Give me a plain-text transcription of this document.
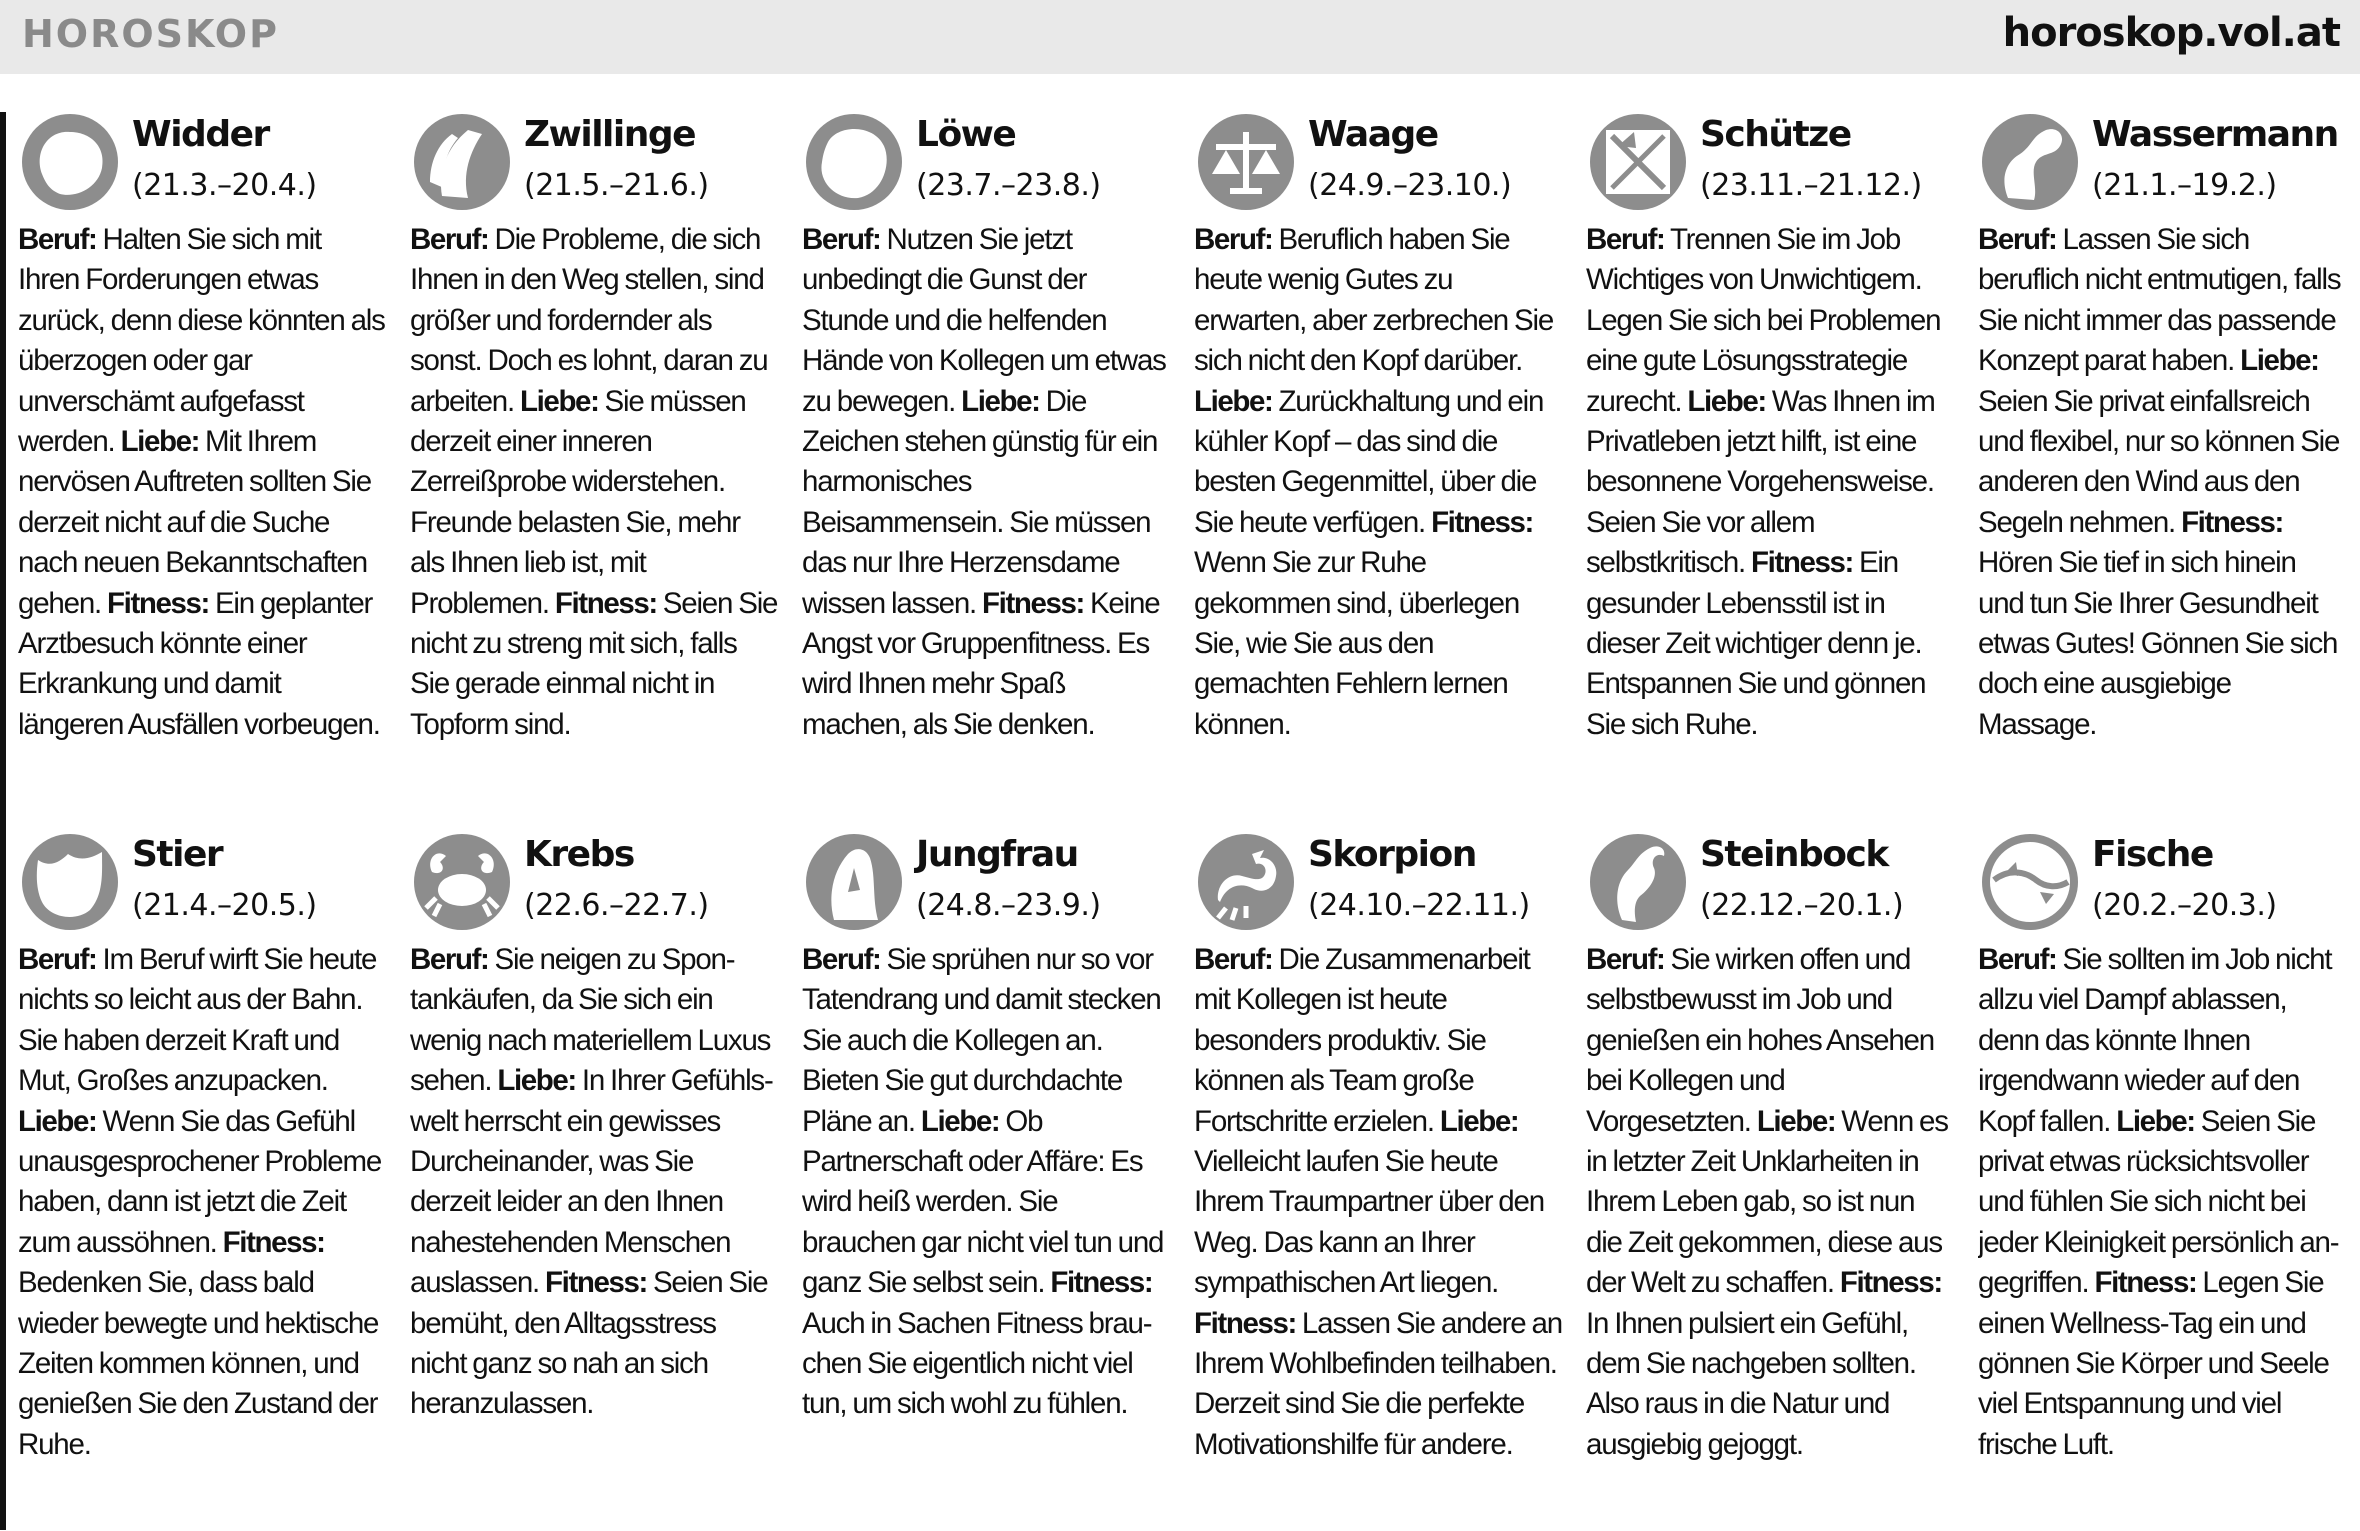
HOROSKOP	horoskop.vol.at
Widder
(21.3.–20.4.)

Beruf: Halten Sie sich mit Ihren Forderungen etwas zurück, denn diese könnten als überzogen oder gar unverschämt aufgefasst werden. Liebe: Mit Ihrem nervösen Auftreten sollten Sie derzeit nicht auf die Suche nach neuen Bekanntschaften gehen. Fitness: Ein geplanter Arztbesuch könnte einer Erkrankung und damit längeren Ausfällen vorbeugen.

Zwillinge
(21.5.–21.6.)

Beruf: Die Probleme, die sich Ihnen in den Weg stellen, sind größer und fordernder als sonst. Doch es lohnt, daran zu arbeiten. Liebe: Sie müssen derzeit einer inneren Zerreißprobe widerstehen. Freunde belasten Sie, mehr als Ihnen lieb ist, mit Problemen. Fitness: Seien Sie nicht zu streng mit sich, falls Sie gerade einmal nicht in Topform sind.

Löwe
(23.7.–23.8.)

Beruf: Nutzen Sie jetzt unbedingt die Gunst der Stunde und die helfenden Hände von Kollegen um etwas zu bewegen. Liebe: Die Zeichen stehen günstig für ein harmonisches Beisammensein. Sie müssen das nur Ihre Herzensdame wissen lassen. Fitness: Keine Angst vor Gruppenfitness. Es wird Ihnen mehr Spaß machen, als Sie denken.

Waage
(24.9.–23.10.)

Beruf: Beruflich haben Sie heute wenig Gutes zu erwarten, aber zerbrechen Sie sich nicht den Kopf darüber. Liebe: Zurückhaltung und ein kühler Kopf – das sind die besten Gegenmittel, über die Sie heute verfügen. Fitness: Wenn Sie zur Ruhe gekommen sind, überlegen Sie, wie Sie aus den gemachten Fehlern lernen können.

Schütze
(23.11.–21.12.)

Beruf: Trennen Sie im Job Wichtiges von Unwichtigem. Legen Sie sich bei Problemen eine gute Lösungsstrategie zurecht. Liebe: Was Ihnen im Privatleben jetzt hilft, ist eine besonnene Vorgehensweise. Seien Sie vor allem selbstkritisch. Fitness: Ein gesunder Lebensstil ist in dieser Zeit wichtiger denn je. Entspannen Sie und gönnen Sie sich Ruhe.

Wassermann
(21.1.–19.2.)

Beruf: Lassen Sie sich beruflich nicht entmutigen, falls Sie nicht immer das passende Konzept parat haben. Liebe: Seien Sie privat einfallsreich und flexibel, nur so können Sie anderen den Wind aus den Segeln nehmen. Fitness: Hören Sie tief in sich hinein und tun Sie Ihrer Gesundheit etwas Gutes! Gönnen Sie sich doch eine ausgiebige Massage.

Stier
(21.4.–20.5.)

Beruf: Im Beruf wirft Sie heute nichts so leicht aus der Bahn. Sie haben derzeit Kraft und Mut, Großes anzupacken. Liebe: Wenn Sie das Gefühl unausgesprochener Probleme haben, dann ist jetzt die Zeit zum aussöhnen. Fitness: Bedenken Sie, dass bald wieder bewegte und hektische Zeiten kommen können, und genießen Sie den Zustand der Ruhe.

Krebs
(22.6.–22.7.)

Beruf: Sie neigen zu Spontankäufen, da Sie sich ein wenig nach materiellem Luxus sehen. Liebe: In Ihrer Gefühlswelt herrscht ein gewisses Durcheinander, was Sie derzeit leider an den Ihnen nahestehenden Menschen auslassen. Fitness: Seien Sie bemüht, den Alltagsstress nicht ganz so nah an sich heranzulassen.

Jungfrau
(24.8.–23.9.)

Beruf: Sie sprühen nur so vor Tatendrang und damit stecken Sie auch die Kollegen an. Bieten Sie gut durchdachte Pläne an. Liebe: Ob Partnerschaft oder Affäre: Es wird heiß werden. Sie brauchen gar nicht viel tun und ganz Sie selbst sein. Fitness: Auch in Sachen Fitness brauchen Sie eigentlich nicht viel tun, um sich wohl zu fühlen.

Skorpion
(24.10.–22.11.)

Beruf: Die Zusammenarbeit mit Kollegen ist heute besonders produktiv. Sie können als Team große Fortschritte erzielen. Liebe: Vielleicht laufen Sie heute Ihrem Traumpartner über den Weg. Das kann an Ihrer sympathischen Art liegen. Fitness: Lassen Sie andere an Ihrem Wohlbefinden teilhaben. Derzeit sind Sie die perfekte Motivationshilfe für andere.

Steinbock
(22.12.–20.1.)

Beruf: Sie wirken offen und selbstbewusst im Job und genießen ein hohes Ansehen bei Kollegen und Vorgesetzten. Liebe: Wenn es in letzter Zeit Unklarheiten in Ihrem Leben gab, so ist nun die Zeit gekommen, diese aus der Welt zu schaffen. Fitness: In Ihnen pulsiert ein Gefühl, dem Sie nachgeben sollten. Also raus in die Natur und ausgiebig gejoggt.

Fische
(20.2.–20.3.)

Beruf: Sie sollten im Job nicht allzu viel Dampf ablassen, denn das könnte Ihnen irgendwann wieder auf den Kopf fallen. Liebe: Seien Sie privat etwas rücksichtsvoller und fühlen Sie sich nicht bei jeder Kleinigkeit persönlich angegriffen. Fitness: Legen Sie einen Wellness-Tag ein und gönnen Sie Körper und Seele viel Entspannung und viel frische Luft.
